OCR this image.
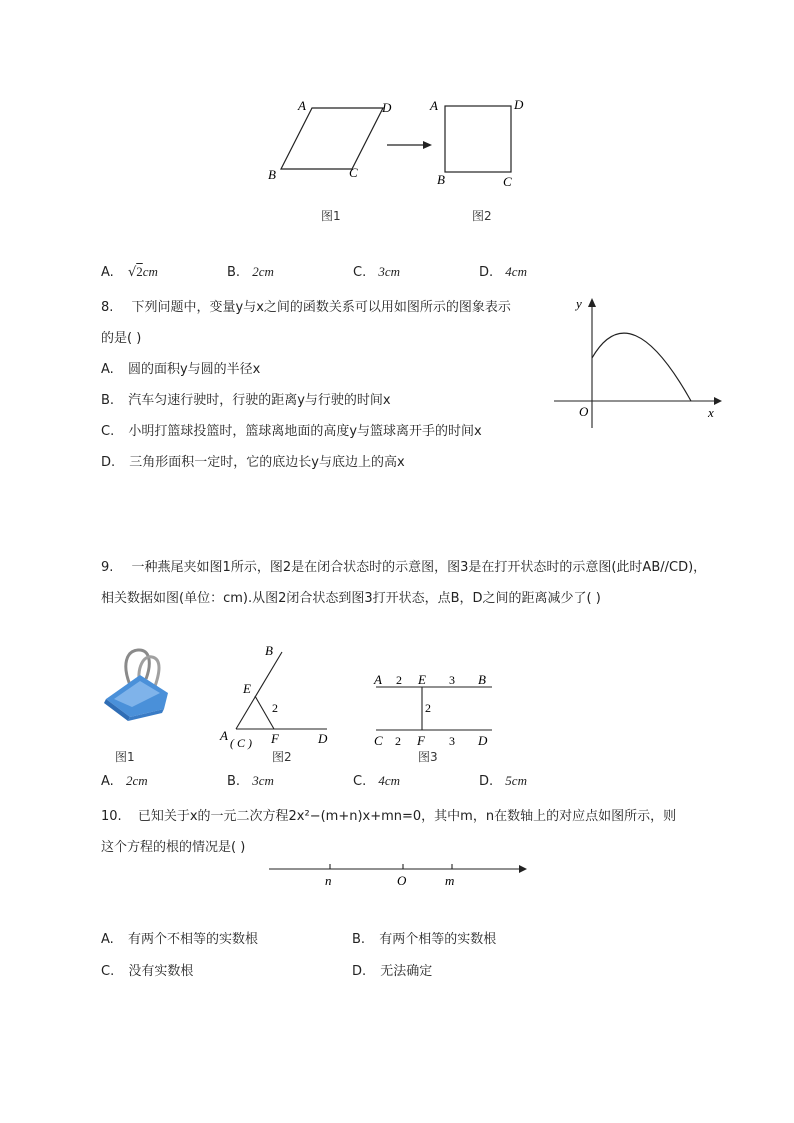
A	D
B	C
A	D
B	C
图1	图2
A. √2cm	B. 2cm	C. 3cm	D. 4cm
8. 下列问题中，变量y与x之间的函数关系可以用如图所示的图象表示
的是( )
A. 圆的面积y与圆的半径x
B. 汽车匀速行驶时，行驶的距离y与行驶的时间x
C. 小明打篮球投篮时，篮球离地面的高度y与篮球离开手的时间x
D. 三角形面积一定时，它的底边长y与底边上的高x
y
x
O
9. 一种燕尾夹如图1所示，图2是在闭合状态时的示意图，图3是在打开状态时的示意图(此时AB//CD)，
相关数据如图(单位：cm).从图2闭合状态到图3打开状态，点B，D之间的距离减少了( )
图1
B
E
2
A ( C ) F	D
图2
A 2 E 3 B
2
C 2 F 3 D
图3
A. 2cm	B. 3cm	C. 4cm	D. 5cm
10. 已知关于x的一元二次方程2x²−(m+n)x+mn=0，其中m，n在数轴上的对应点如图所示，则
这个方程的根的情况是( )
n	O	m
A. 有两个不相等的实数根	B. 有两个相等的实数根
C. 没有实数根	D. 无法确定
